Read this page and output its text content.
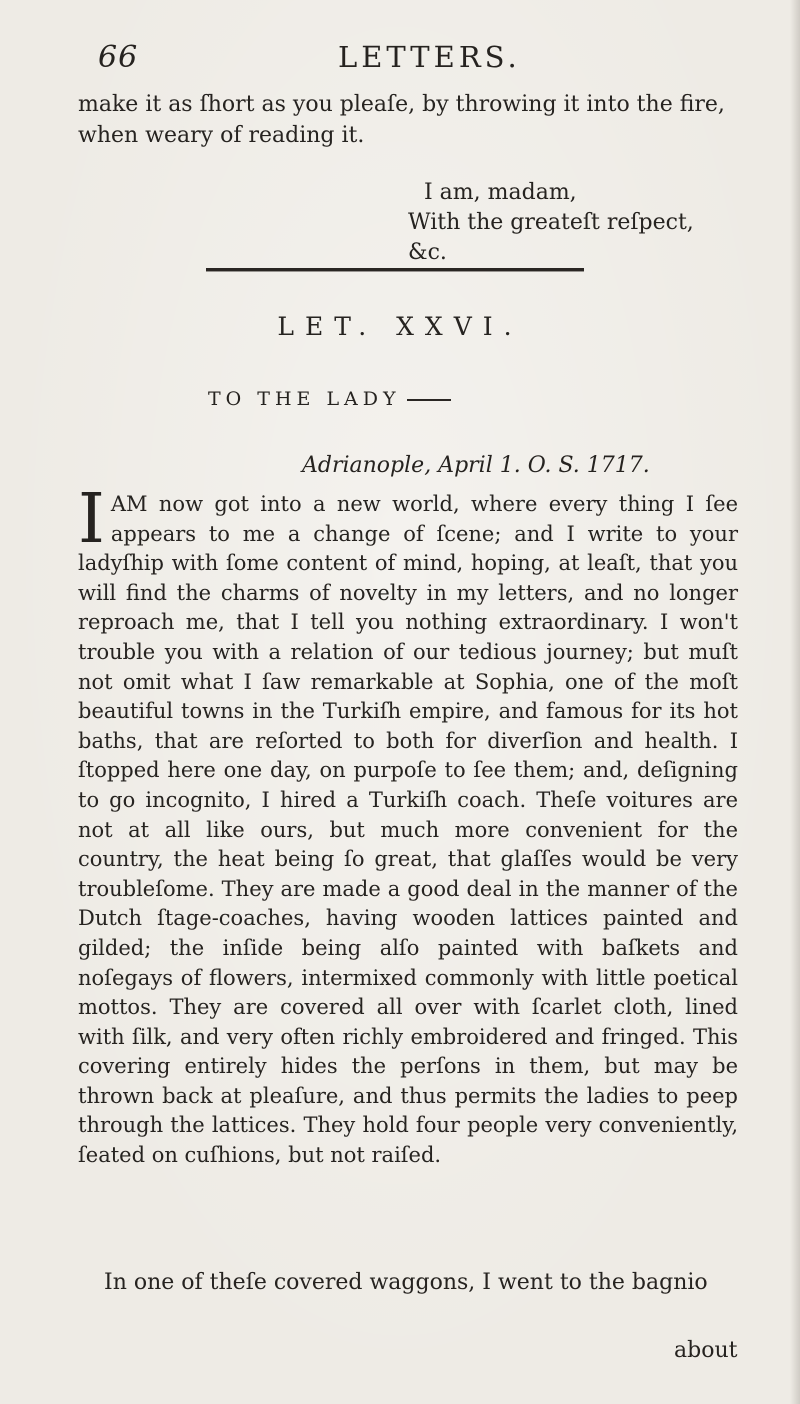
66	LETTERS.
make it as ſhort as you pleaſe, by throwing it into the fire, when weary of reading it.
I am, madam,
With the greateſt reſpect, &c.
LET. XXVI.
TO THE LADY
Adrianople, April 1. O. S. 1717.

IAM now got into a new world, where every thing I ſee appears to me a change of ſcene; and I write to your ladyſhip with ſome content of mind, hoping, at leaſt, that you will find the charms of novelty in my letters, and no longer reproach me, that I tell you nothing extraordinary. I won't trouble you with a relation of our tedious journey; but muſt not omit what I ſaw remarkable at Sophia, one of the moſt beautiful towns in the Turkiſh empire, and famous for its hot baths, that are reſorted to both for diverſion and health. I ſtopped here one day, on purpoſe to ſee them; and, deſigning to go incognito, I hired a Turkiſh coach. Theſe voitures are not at all like ours, but much more convenient for the country, the heat being ſo great, that glaſſes would be very troubleſome. They are made a good deal in the manner of the Dutch ſtage-coaches, having wooden lattices painted and gilded; the inſide being alſo painted with baſkets and noſegays of flowers, intermixed commonly with little poetical mottos. They are covered all over with ſcarlet cloth, lined with ſilk, and very often richly embroidered and fringed. This covering entirely hides the perſons in them, but may be thrown back at pleaſure, and thus permits the ladies to peep through the lattices. They hold four people very conveniently, ſeated on cuſhions, but not raiſed.

In one of theſe covered waggons, I went to the bagnio
about
